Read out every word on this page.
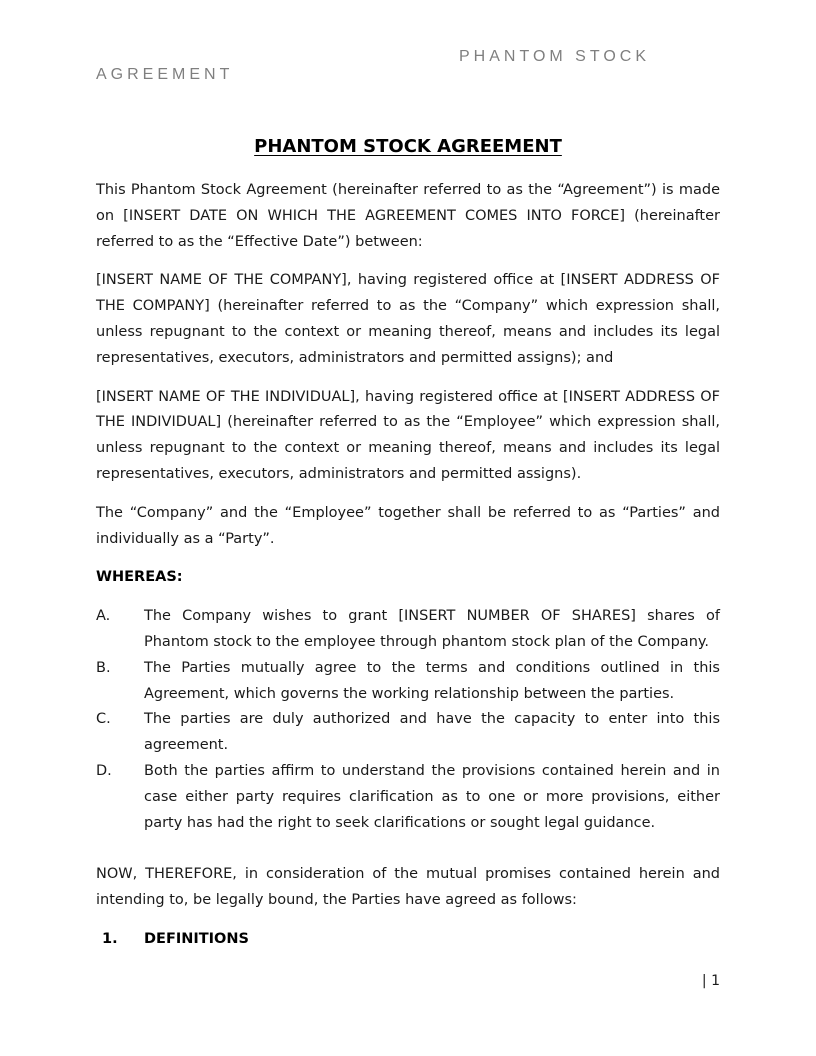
PHANTOM STOCK
AGREEMENT
PHANTOM STOCK AGREEMENT

This Phantom Stock Agreement (hereinafter referred to as the “Agreement”) is made on [INSERT DATE ON WHICH THE AGREEMENT COMES INTO FORCE] (hereinafter referred to as the “Effective Date”) between:

[INSERT NAME OF THE COMPANY], having registered office at [INSERT ADDRESS OF THE COMPANY] (hereinafter referred to as the “Company” which expression shall, unless repugnant to the context or meaning thereof, means and includes its legal representatives, executors, administrators and permitted assigns); and

[INSERT NAME OF THE INDIVIDUAL], having registered office at [INSERT ADDRESS OF THE INDIVIDUAL] (hereinafter referred to as the “Employee” which expression shall, unless repugnant to the context or meaning thereof, means and includes its legal representatives, executors, administrators and permitted assigns).

The “Company” and the “Employee” together shall be referred to as “Parties” and individually as a “Party”.

WHEREAS:

A.	The Company wishes to grant [INSERT NUMBER OF SHARES] shares of Phantom stock to the employee through phantom stock plan of the Company.
B.	The Parties mutually agree to the terms and conditions outlined in this Agreement, which governs the working relationship between the parties.
C.	The parties are duly authorized and have the capacity to enter into this agreement.
D.	Both the parties affirm to understand the provisions contained herein and in case either party requires clarification as to one or more provisions, either party has had the right to seek clarifications or sought legal guidance.

NOW, THEREFORE, in consideration of the mutual promises contained herein and intending to, be legally bound, the Parties have agreed as follows:

1.	DEFINITIONS
| 1
